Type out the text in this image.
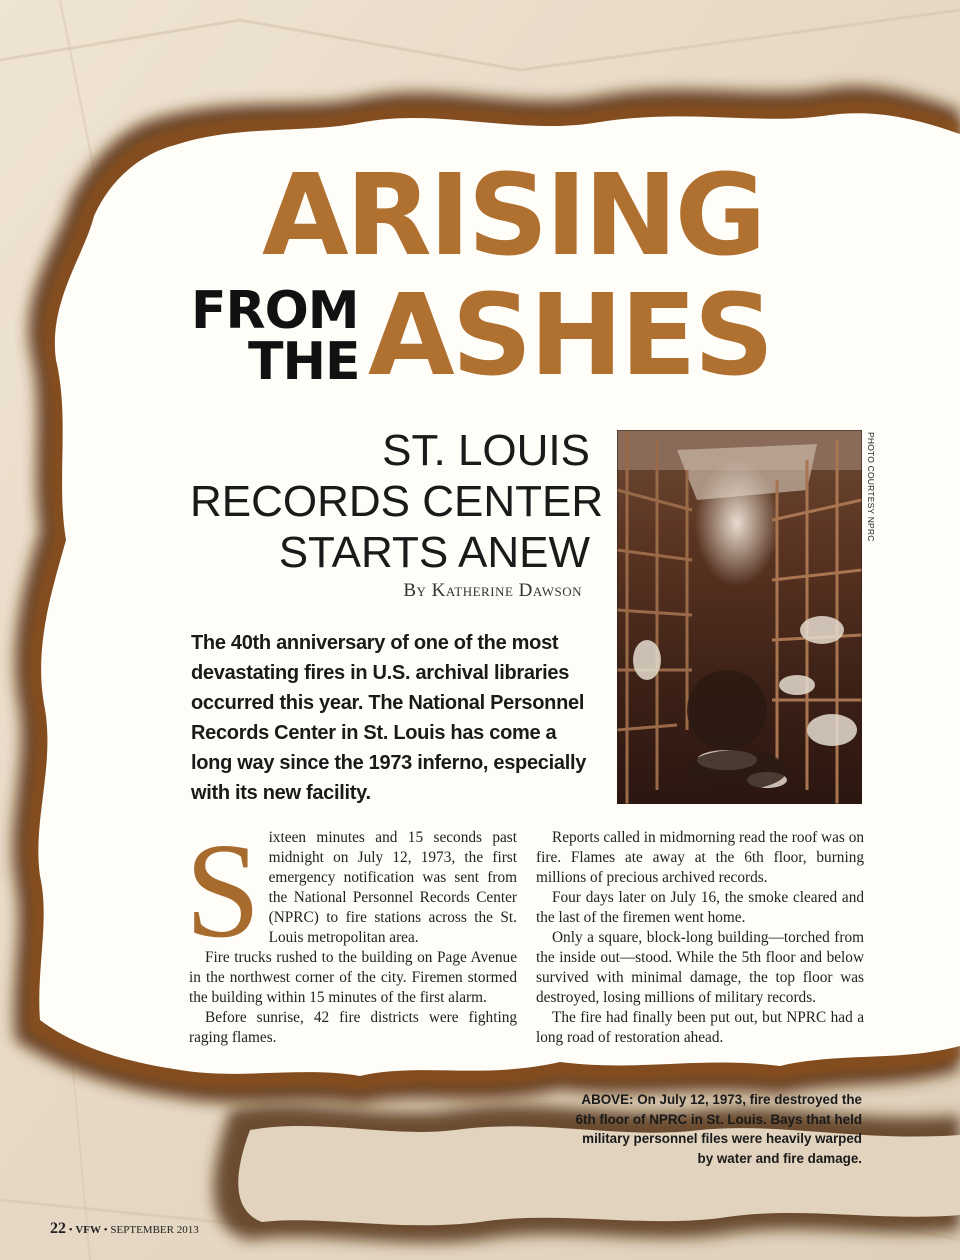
ARISING
FROM
THE ASHES
ST. LOUIS
RECORDS CENTER
STARTS ANEW
By Katherine Dawson
PHOTO COURTESY NPRC
The 40th anniversary of one of the most devastating fires in U.S. archival libraries occurred this year. The National Personnel Records Center in St. Louis has come a long way since the 1973 inferno, especially with its new facility.
S ixteen minutes and 15 seconds past midnight on July 12, 1973, the first emergency notification was sent from the National Personnel Records Center (NPRC) to fire stations across the St. Louis metropolitan area.

Fire trucks rushed to the building on Page Avenue in the northwest corner of the city. Firemen stormed the building within 15 minutes of the first alarm.

Before sunrise, 42 fire districts were fighting raging flames.

Reports called in midmorning read the roof was on fire. Flames ate away at the 6th floor, burning millions of precious archived records.

Four days later on July 16, the smoke cleared and the last of the firemen went home.

Only a square, block-long building—torched from the inside out—stood. While the 5th floor and below survived with minimal damage, the top floor was destroyed, losing millions of military records.

The fire had finally been put out, but NPRC had a long road of restoration ahead.

ABOVE: On July 12, 1973, fire destroyed the 6th floor of NPRC in St. Louis. Bays that held military personnel files were heavily warped by water and fire damage.
22 • VFW • SEPTEMBER 2013
